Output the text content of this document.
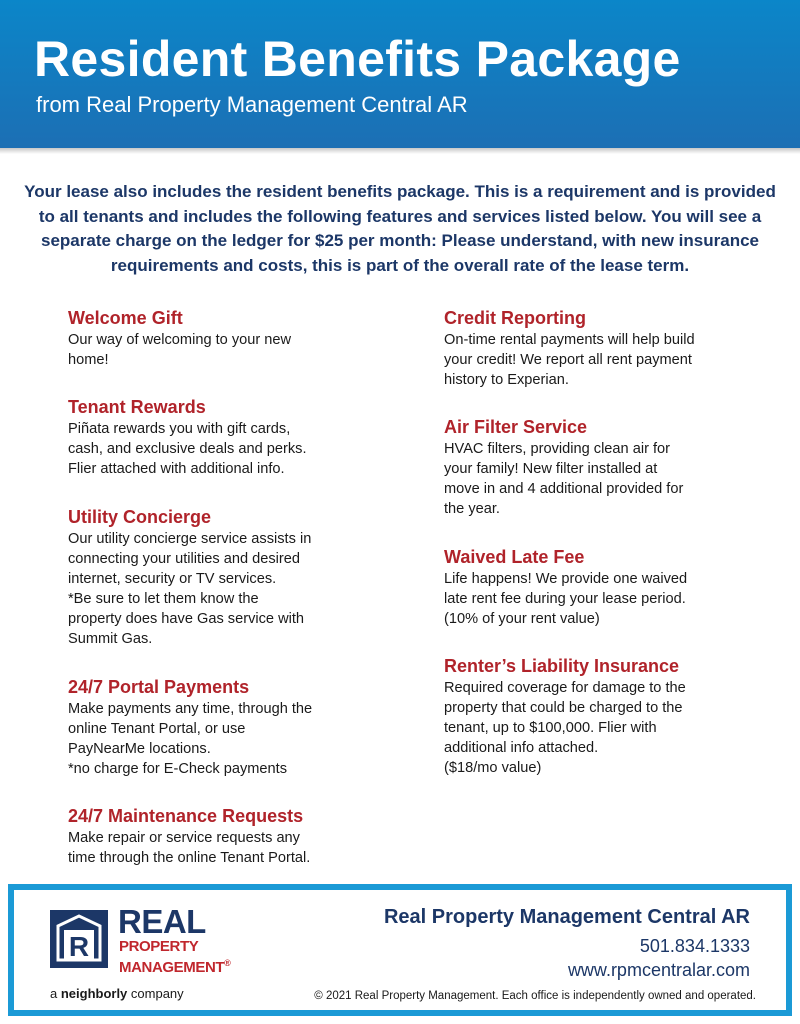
Resident Benefits Package
from Real Property Management Central AR
Your lease also includes the resident benefits package. This is a requirement and is provided to all tenants and includes the following features and services listed below. You will see a separate charge on the ledger for $25 per month: Please understand, with new insurance requirements and costs, this is part of the overall rate of the lease term.
Welcome Gift
Our way of welcoming to your new
home!
Tenant Rewards
Piñata rewards you with gift cards,
cash, and exclusive deals and perks.
Flier attached with additional info.
Utility Concierge
Our utility concierge service assists in
connecting your utilities and desired
internet, security or TV services.
*Be sure to let them know the
property does have Gas service with
Summit Gas.
24/7 Portal Payments
Make payments any time, through the
online Tenant Portal, or use
PayNearMe locations.
*no charge for E-Check payments
24/7 Maintenance Requests
Make repair or service requests any
time through the online Tenant Portal.
Credit Reporting
On-time rental payments will help build
your credit! We report all rent payment
history to Experian.
Air Filter Service
HVAC filters, providing clean air for
your family! New filter installed at
move in and 4 additional provided for
the year.
Waived Late Fee
Life happens! We provide one waived
late rent fee during your lease period.
(10% of your rent value)
Renter’s Liability Insurance
Required coverage for damage to the
property that could be charged to the
tenant, up to $100,000. Flier with
additional info attached.
($18/mo value)
R
REAL
PROPERTY
MANAGEMENT®
a neighborly company
Real Property Management Central AR
501.834.1333
www.rpmcentralar.com
© 2021 Real Property Management. Each office is independently owned and operated.
